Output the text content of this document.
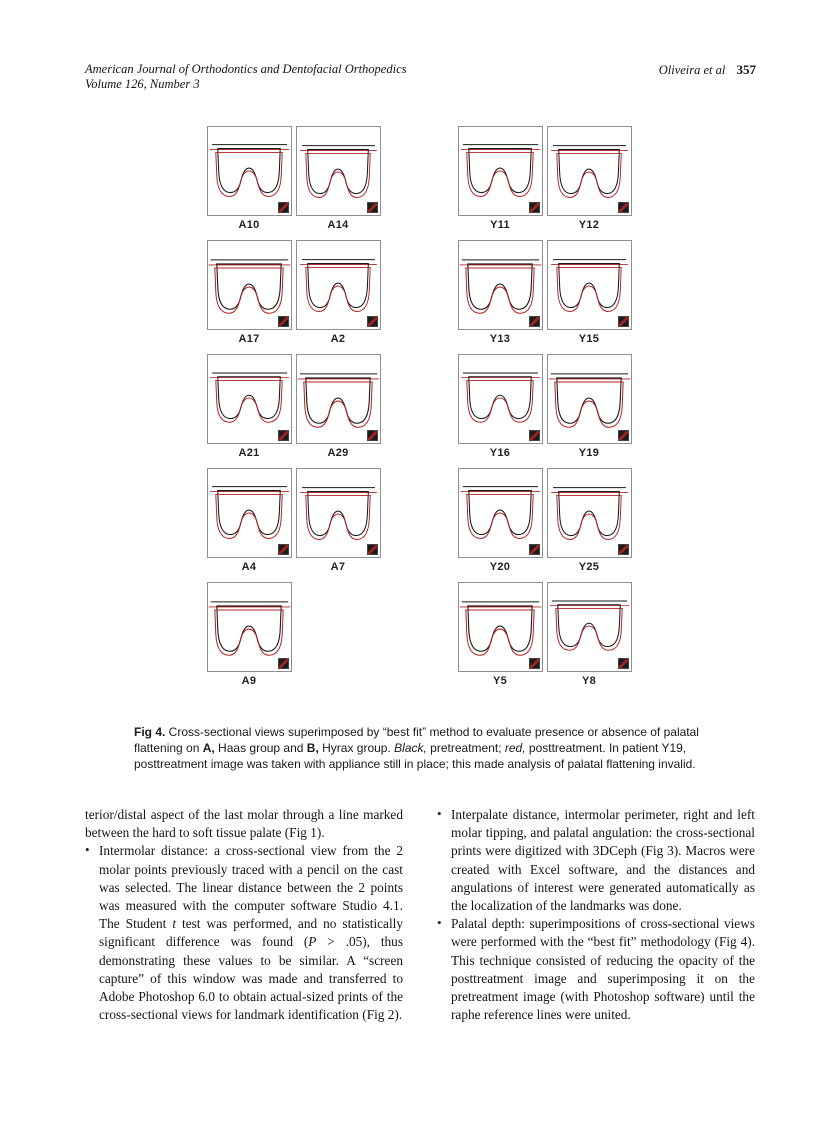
American Journal of Orthodontics and Dentofacial Orthopedics
Volume 126, Number 3
Oliveira et al 357
A10	A14
A17	A2
A21	A29
A4	A7
A9
Y11	Y12
Y13	Y15
Y16	Y19
Y20	Y25
Y5	Y8

Fig 4. Cross-sectional views superimposed by “best fit” method to evaluate presence or absence of palatal flattening on A, Haas group and B, Hyrax group. Black, pretreatment; red, posttreatment. In patient Y19, posttreatment image was taken with appliance still in place; this made analysis of palatal flattening invalid.

terior/distal aspect of the last molar through a line marked between the hard to soft tissue palate (Fig 1).

• Intermolar distance: a cross-sectional view from the 2 molar points previously traced with a pencil on the cast was selected. The linear distance between the 2 points was measured with the computer software Studio 4.1. The Student t test was performed, and no statistically significant difference was found (P > .05), thus demonstrating these values to be similar. A “screen capture” of this window was made and transferred to Adobe Photoshop 6.0 to obtain actual-sized prints of the cross-sectional views for landmark identification (Fig 2).

• Interpalate distance, intermolar perimeter, right and left molar tipping, and palatal angulation: the cross-sectional prints were digitized with 3DCeph (Fig 3). Macros were created with Excel software, and the distances and angulations of interest were generated automatically as the localization of the landmarks was done.

• Palatal depth: superimpositions of cross-sectional views were performed with the “best fit” methodology (Fig 4). This technique consisted of reducing the opacity of the posttreatment image and superimposing it on the pretreatment image (with Photoshop software) until the raphe reference lines were united.
